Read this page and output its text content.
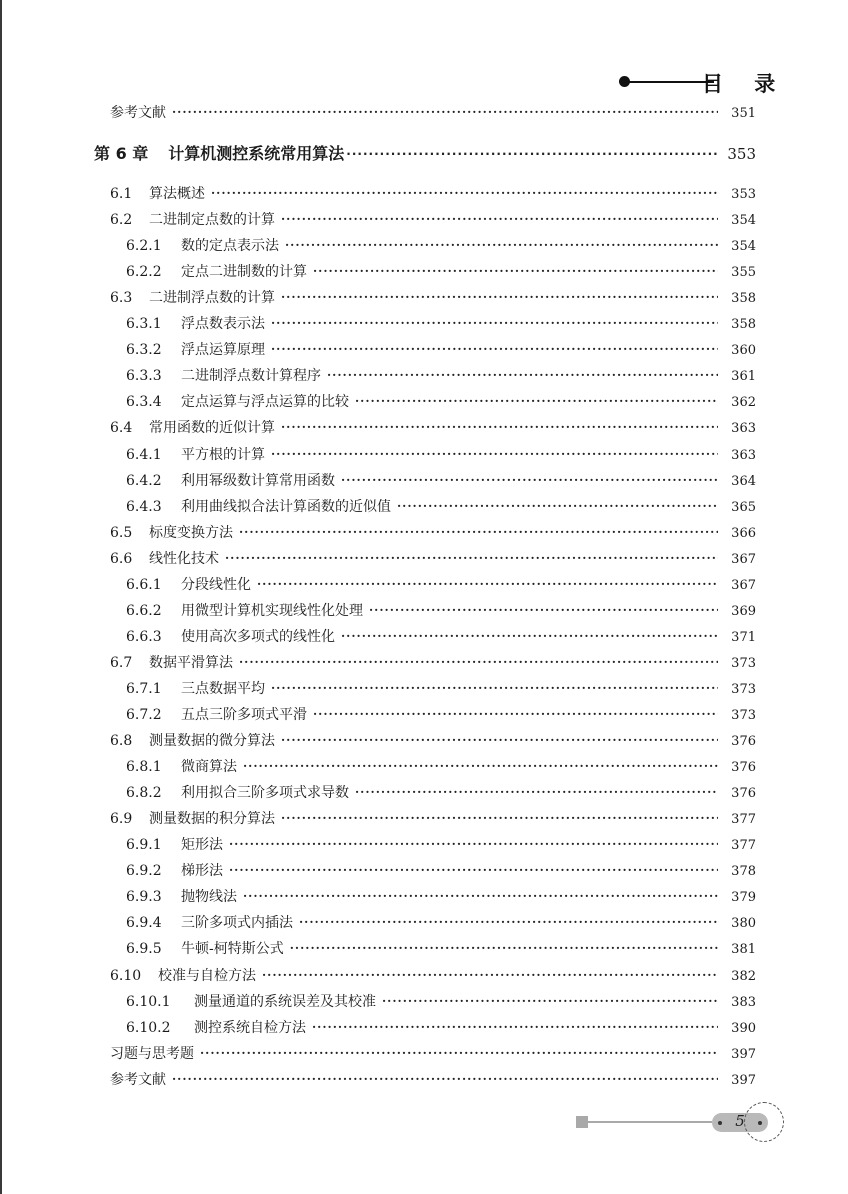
目 录
参考文献 ·····	351
第 6 章 计算机测控系统常用算法 ·····	353
6.1	算法概述 ·····	353
6.2	二进制定点数的计算 ·····	354
6.2.1	数的定点表示法 ·····	354
6.2.2	定点二进制数的计算 ·····	355
6.3	二进制浮点数的计算 ·····	358
6.3.1	浮点数表示法 ·····	358
6.3.2	浮点运算原理 ·····	360
6.3.3	二进制浮点数计算程序 ·····	361
6.3.4	定点运算与浮点运算的比较 ·····	362
6.4	常用函数的近似计算 ·····	363
6.4.1	平方根的计算 ·····	363
6.4.2	利用幂级数计算常用函数 ·····	364
6.4.3	利用曲线拟合法计算函数的近似值 ·····	365
6.5	标度变换方法 ·····	366
6.6	线性化技术 ·····	367
6.6.1	分段线性化 ·····	367
6.6.2	用微型计算机实现线性化处理 ·····	369
6.6.3	使用高次多项式的线性化 ·····	371
6.7	数据平滑算法 ·····	373
6.7.1	三点数据平均 ·····	373
6.7.2	五点三阶多项式平滑 ·····	373
6.8	测量数据的微分算法 ·····	376
6.8.1	微商算法 ·····	376
6.8.2	利用拟合三阶多项式求导数 ·····	376
6.9	测量数据的积分算法 ·····	377
6.9.1	矩形法 ·····	377
6.9.2	梯形法 ·····	378
6.9.3	抛物线法 ·····	379
6.9.4	三阶多项式内插法 ·····	380
6.9.5	牛顿-柯特斯公式 ·····	381
6.10	校准与自检方法 ·····	382
6.10.1	测量通道的系统误差及其校准 ·····	383
6.10.2	测控系统自检方法 ·····	390
习题与思考题 ·····	397
参考文献 ·····	397
5
